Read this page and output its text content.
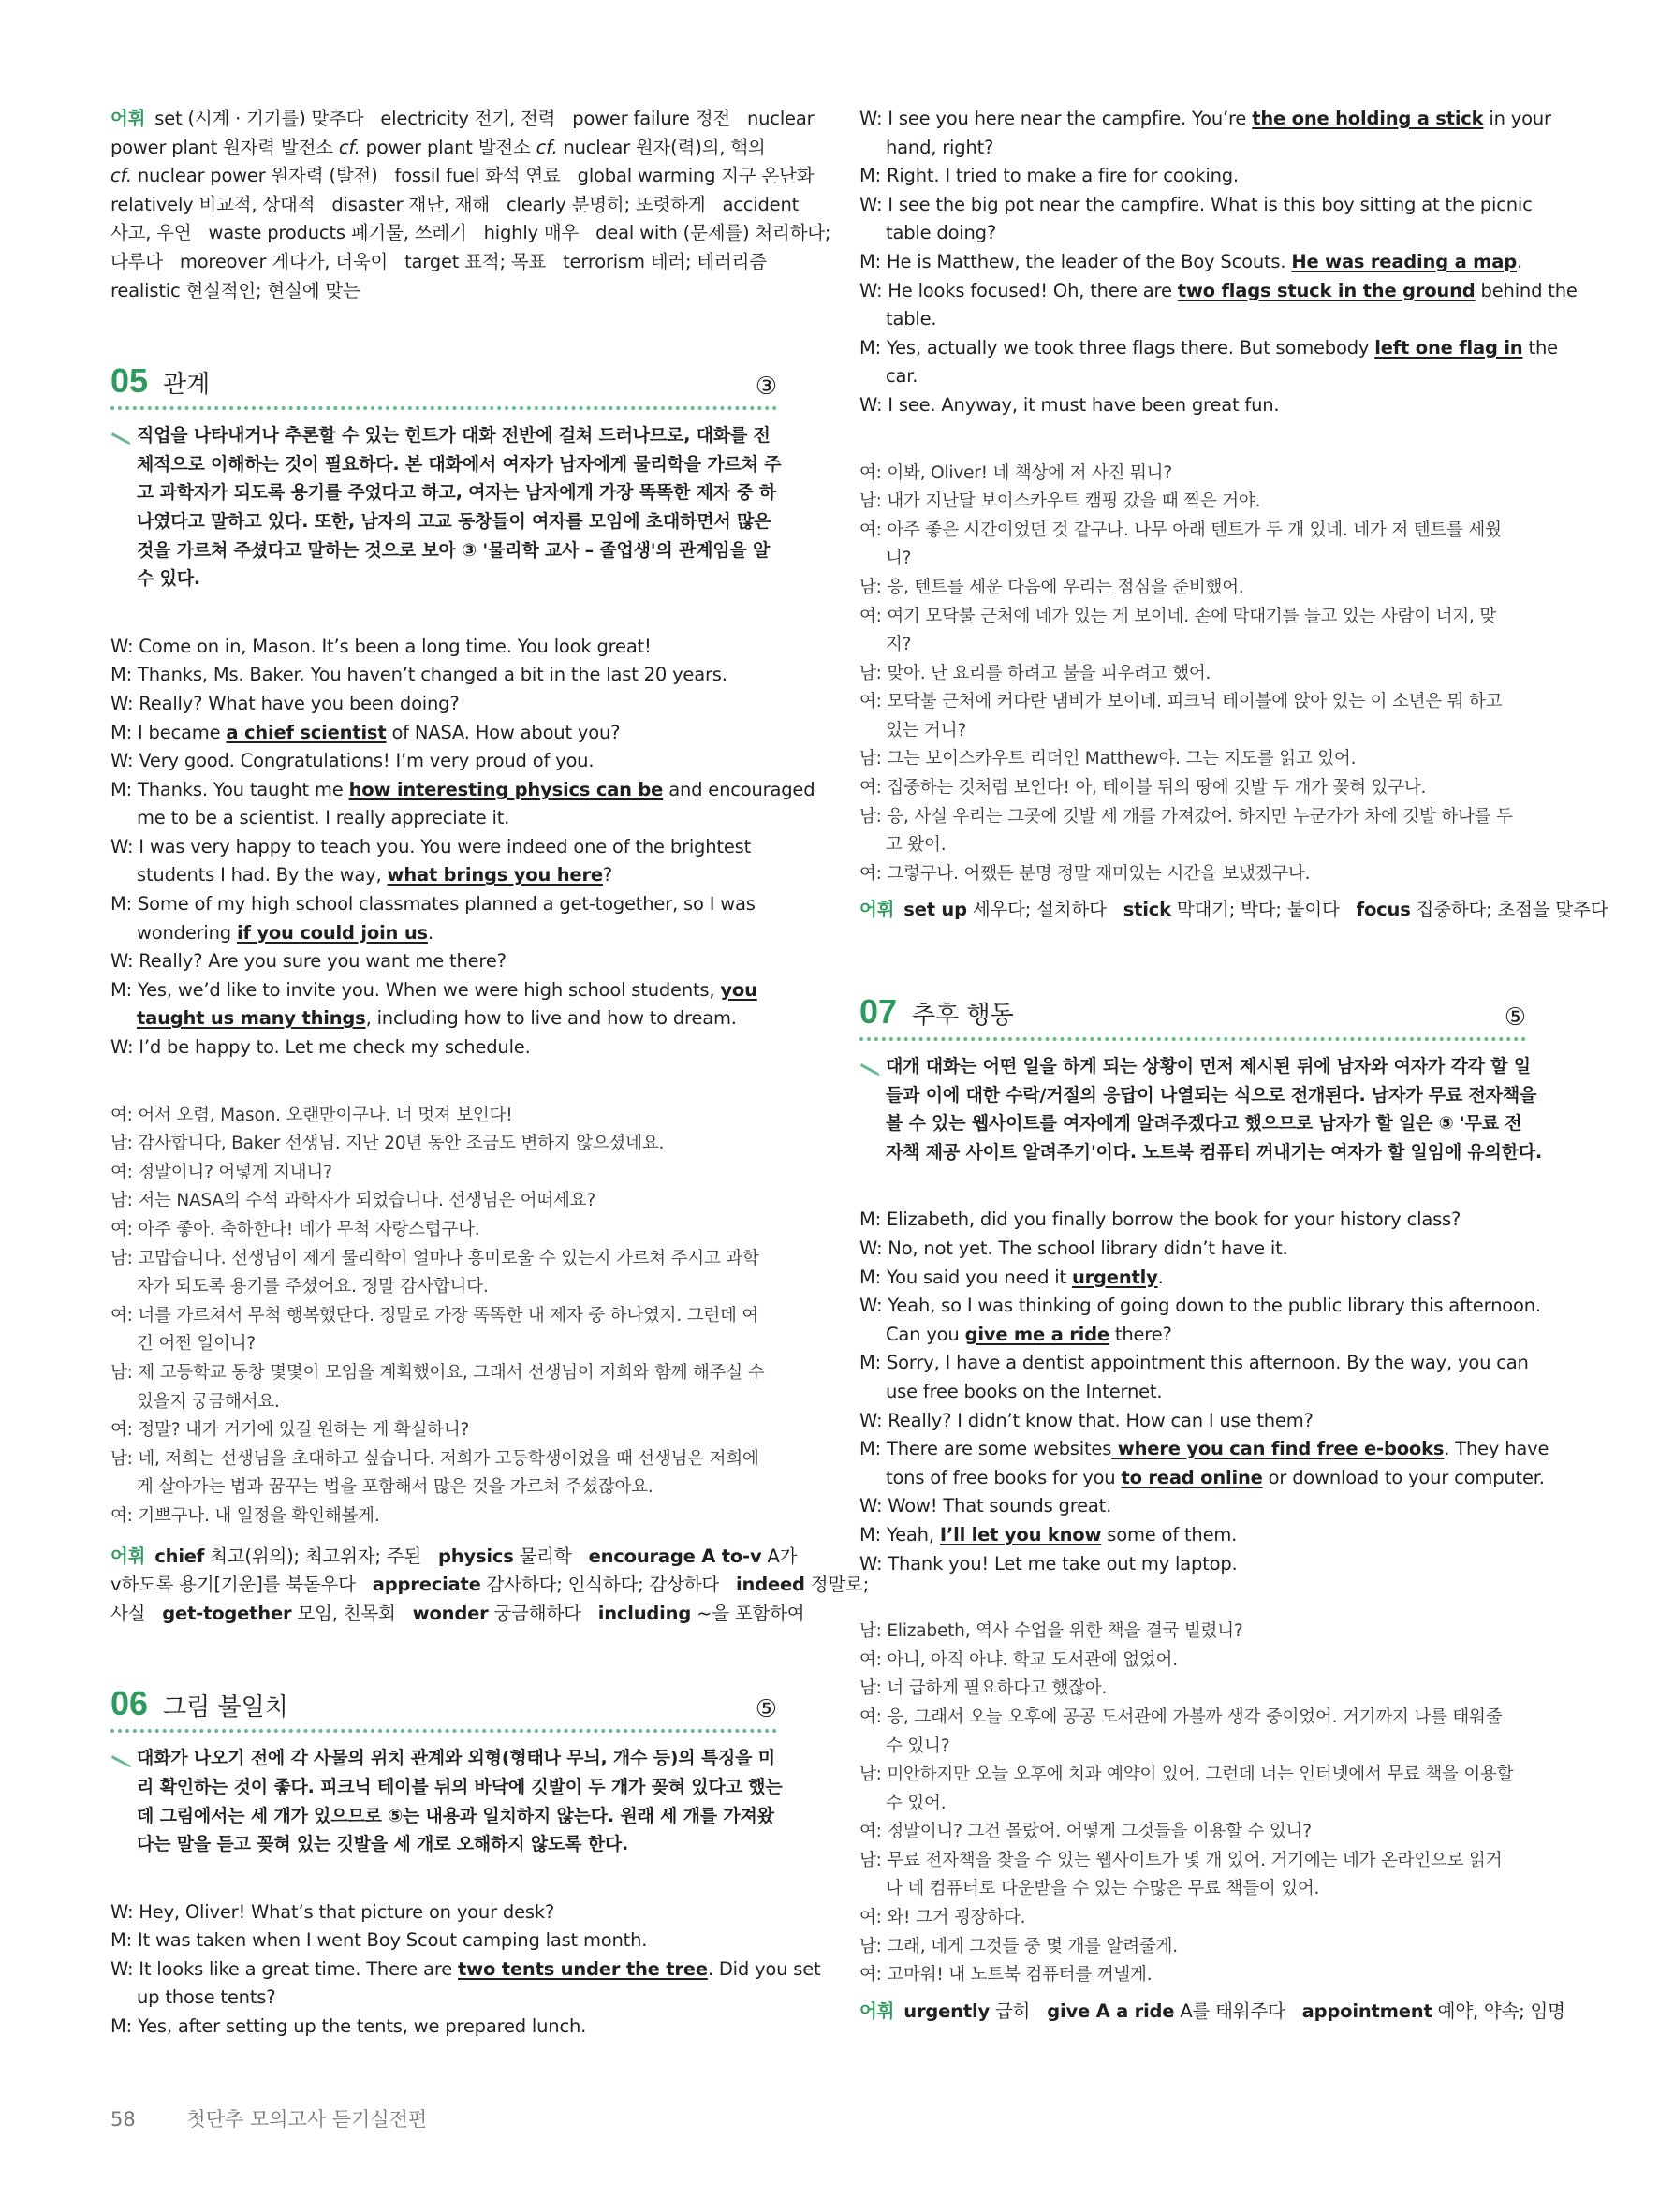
어휘 set (시계 · 기기를) 맞추다   electricity 전기, 전력   power failure 정전   nuclear
power plant 원자력 발전소 cf. power plant 발전소 cf. nuclear 원자(력)의, 핵의
cf. nuclear power 원자력 (발전)   fossil fuel 화석 연료   global warming 지구 온난화
relatively 비교적, 상대적   disaster 재난, 재해   clearly 분명히; 또렷하게   accident
사고, 우연   waste products 폐기물, 쓰레기   highly 매우   deal with (문제를) 처리하다;
다루다   moreover 게다가, 더욱이   target 표적; 목표   terrorism 테러; 테러리즘
realistic 현실적인; 현실에 맞는
05 관계	③
직업을 나타내거나 추론할 수 있는 힌트가 대화 전반에 걸쳐 드러나므로, 대화를 전
체적으로 이해하는 것이 필요하다. 본 대화에서 여자가 남자에게 물리학을 가르쳐 주
고 과학자가 되도록 용기를 주었다고 하고, 여자는 남자에게 가장 똑똑한 제자 중 하
나였다고 말하고 있다. 또한, 남자의 고교 동창들이 여자를 모임에 초대하면서 많은
것을 가르쳐 주셨다고 말하는 것으로 보아 ③ '물리학 교사 – 졸업생'의 관계임을 알
수 있다.
W: Come on in, Mason. It’s been a long time. You look great!
M: Thanks, Ms. Baker. You haven’t changed a bit in the last 20 years.
W: Really? What have you been doing?
M: I became a chief scientist of NASA. How about you?
W: Very good. Congratulations! I’m very proud of you.
M: Thanks. You taught me how interesting physics can be and encouraged
me to be a scientist. I really appreciate it.
W: I was very happy to teach you. You were indeed one of the brightest
students I had. By the way, what brings you here?
M: Some of my high school classmates planned a get-together, so I was
wondering if you could join us.
W: Really? Are you sure you want me there?
M: Yes, we’d like to invite you. When we were high school students, you
taught us many things, including how to live and how to dream.
W: I’d be happy to. Let me check my schedule.
여: 어서 오렴, Mason. 오랜만이구나. 너 멋져 보인다!
남: 감사합니다, Baker 선생님. 지난 20년 동안 조금도 변하지 않으셨네요.
여: 정말이니? 어떻게 지내니?
남: 저는 NASA의 수석 과학자가 되었습니다. 선생님은 어떠세요?
여: 아주 좋아. 축하한다! 네가 무척 자랑스럽구나.
남: 고맙습니다. 선생님이 제게 물리학이 얼마나 흥미로울 수 있는지 가르쳐 주시고 과학
자가 되도록 용기를 주셨어요. 정말 감사합니다.
여: 너를 가르쳐서 무척 행복했단다. 정말로 가장 똑똑한 내 제자 중 하나였지. 그런데 여
긴 어쩐 일이니?
남: 제 고등학교 동창 몇몇이 모임을 계획했어요, 그래서 선생님이 저희와 함께 해주실 수
있을지 궁금해서요.
여: 정말? 내가 거기에 있길 원하는 게 확실하니?
남: 네, 저희는 선생님을 초대하고 싶습니다. 저희가 고등학생이었을 때 선생님은 저희에
게 살아가는 법과 꿈꾸는 법을 포함해서 많은 것을 가르쳐 주셨잖아요.
여: 기쁘구나. 내 일정을 확인해볼게.
어휘 chief 최고(위의); 최고위자; 주된   physics 물리학   encourage A to-v A가
v하도록 용기[기운]를 북돋우다   appreciate 감사하다; 인식하다; 감상하다   indeed 정말로;
사실   get-together 모임, 친목회   wonder 궁금해하다   including ~을 포함하여
06 그림 불일치	⑤
대화가 나오기 전에 각 사물의 위치 관계와 외형(형태나 무늬, 개수 등)의 특징을 미
리 확인하는 것이 좋다. 피크닉 테이블 뒤의 바닥에 깃발이 두 개가 꽂혀 있다고 했는
데 그림에서는 세 개가 있으므로 ⑤는 내용과 일치하지 않는다. 원래 세 개를 가져왔
다는 말을 듣고 꽂혀 있는 깃발을 세 개로 오해하지 않도록 한다.
W: Hey, Oliver! What’s that picture on your desk?
M: It was taken when I went Boy Scout camping last month.
W: It looks like a great time. There are two tents under the tree. Did you set
up those tents?
M: Yes, after setting up the tents, we prepared lunch.
W: I see you here near the campfire. You’re the one holding a stick in your
hand, right?
M: Right. I tried to make a fire for cooking.
W: I see the big pot near the campfire. What is this boy sitting at the picnic
table doing?
M: He is Matthew, the leader of the Boy Scouts. He was reading a map.
W: He looks focused! Oh, there are two flags stuck in the ground behind the
table.
M: Yes, actually we took three flags there. But somebody left one flag in the
car.
W: I see. Anyway, it must have been great fun.
여: 이봐, Oliver! 네 책상에 저 사진 뭐니?
남: 내가 지난달 보이스카우트 캠핑 갔을 때 찍은 거야.
여: 아주 좋은 시간이었던 것 같구나. 나무 아래 텐트가 두 개 있네. 네가 저 텐트를 세웠
니?
남: 응, 텐트를 세운 다음에 우리는 점심을 준비했어.
여: 여기 모닥불 근처에 네가 있는 게 보이네. 손에 막대기를 들고 있는 사람이 너지, 맞
지?
남: 맞아. 난 요리를 하려고 불을 피우려고 했어.
여: 모닥불 근처에 커다란 냄비가 보이네. 피크닉 테이블에 앉아 있는 이 소년은 뭐 하고
있는 거니?
남: 그는 보이스카우트 리더인 Matthew야. 그는 지도를 읽고 있어.
여: 집중하는 것처럼 보인다! 아, 테이블 뒤의 땅에 깃발 두 개가 꽂혀 있구나.
남: 응, 사실 우리는 그곳에 깃발 세 개를 가져갔어. 하지만 누군가가 차에 깃발 하나를 두
고 왔어.
여: 그렇구나. 어쨌든 분명 정말 재미있는 시간을 보냈겠구나.
어휘 set up 세우다; 설치하다   stick 막대기; 박다; 붙이다   focus 집중하다; 초점을 맞추다
07 추후 행동	⑤
대개 대화는 어떤 일을 하게 되는 상황이 먼저 제시된 뒤에 남자와 여자가 각각 할 일
들과 이에 대한 수락/거절의 응답이 나열되는 식으로 전개된다. 남자가 무료 전자책을
볼 수 있는 웹사이트를 여자에게 알려주겠다고 했으므로 남자가 할 일은 ⑤ '무료 전
자책 제공 사이트 알려주기'이다. 노트북 컴퓨터 꺼내기는 여자가 할 일임에 유의한다.
M: Elizabeth, did you finally borrow the book for your history class?
W: No, not yet. The school library didn’t have it.
M: You said you need it urgently.
W: Yeah, so I was thinking of going down to the public library this afternoon.
Can you give me a ride there?
M: Sorry, I have a dentist appointment this afternoon. By the way, you can
use free books on the Internet.
W: Really? I didn’t know that. How can I use them?
M: There are some websites where you can find free e-books. They have
tons of free books for you to read online or download to your computer.
W: Wow! That sounds great.
M: Yeah, I’ll let you know some of them.
W: Thank you! Let me take out my laptop.
남: Elizabeth, 역사 수업을 위한 책을 결국 빌렸니?
여: 아니, 아직 아냐. 학교 도서관에 없었어.
남: 너 급하게 필요하다고 했잖아.
여: 응, 그래서 오늘 오후에 공공 도서관에 가볼까 생각 중이었어. 거기까지 나를 태워줄
수 있니?
남: 미안하지만 오늘 오후에 치과 예약이 있어. 그런데 너는 인터넷에서 무료 책을 이용할
수 있어.
여: 정말이니? 그건 몰랐어. 어떻게 그것들을 이용할 수 있니?
남: 무료 전자책을 찾을 수 있는 웹사이트가 몇 개 있어. 거기에는 네가 온라인으로 읽거
나 네 컴퓨터로 다운받을 수 있는 수많은 무료 책들이 있어.
여: 와! 그거 굉장하다.
남: 그래, 네게 그것들 중 몇 개를 알려줄게.
여: 고마워! 내 노트북 컴퓨터를 꺼낼게.
어휘 urgently 급히   give A a ride A를 태워주다   appointment 예약, 약속; 임명
58	첫단추 모의고사 듣기실전편
